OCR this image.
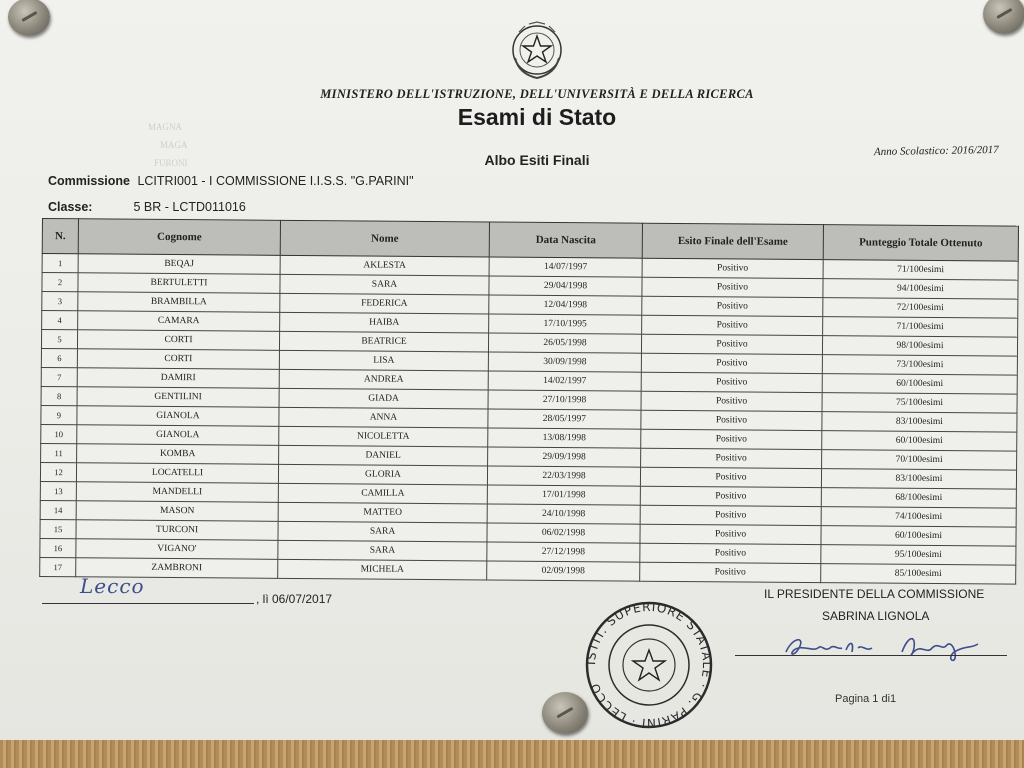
MAGNA
MAGA
FURONI
MINISTERO DELL'ISTRUZIONE, DELL'UNIVERSITÀ E DELLA RICERCA
Esami di Stato
Albo Esiti Finali
Anno Scolastico: 2016/2017
Commissione LCITRI001 - I COMMISSIONE I.I.S.S. "G.PARINI"
Classe:	5 BR - LCTD011016
N.	Cognome	Nome	Data Nascita	Esito Finale dell'Esame	Punteggio Totale Ottenuto
1	BEQAJ	AKLESTA	14/07/1997	Positivo	71/100esimi
2	BERTULETTI	SARA	29/04/1998	Positivo	94/100esimi
3	BRAMBILLA	FEDERICA	12/04/1998	Positivo	72/100esimi
4	CAMARA	HAIBA	17/10/1995	Positivo	71/100esimi
5	CORTI	BEATRICE	26/05/1998	Positivo	98/100esimi
6	CORTI	LISA	30/09/1998	Positivo	73/100esimi
7	DAMIRI	ANDREA	14/02/1997	Positivo	60/100esimi
8	GENTILINI	GIADA	27/10/1998	Positivo	75/100esimi
9	GIANOLA	ANNA	28/05/1997	Positivo	83/100esimi
10	GIANOLA	NICOLETTA	13/08/1998	Positivo	60/100esimi
11	KOMBA	DANIEL	29/09/1998	Positivo	70/100esimi
12	LOCATELLI	GLORIA	22/03/1998	Positivo	83/100esimi
13	MANDELLI	CAMILLA	17/01/1998	Positivo	68/100esimi
14	MASON	MATTEO	24/10/1998	Positivo	74/100esimi
15	TURCONI	SARA	06/02/1998	Positivo	60/100esimi
16	VIGANO'	SARA	27/12/1998	Positivo	95/100esimi
17	ZAMBRONI	MICHELA	02/09/1998	Positivo	85/100esimi
Lecco
, lì 06/07/2017	IL PRESIDENTE DELLA COMMISSIONE
SABRINA LIGNOLA
ISTIT. SUPERIORE STATALE · G. PARINI · LECCO
Pagina 1 di1
